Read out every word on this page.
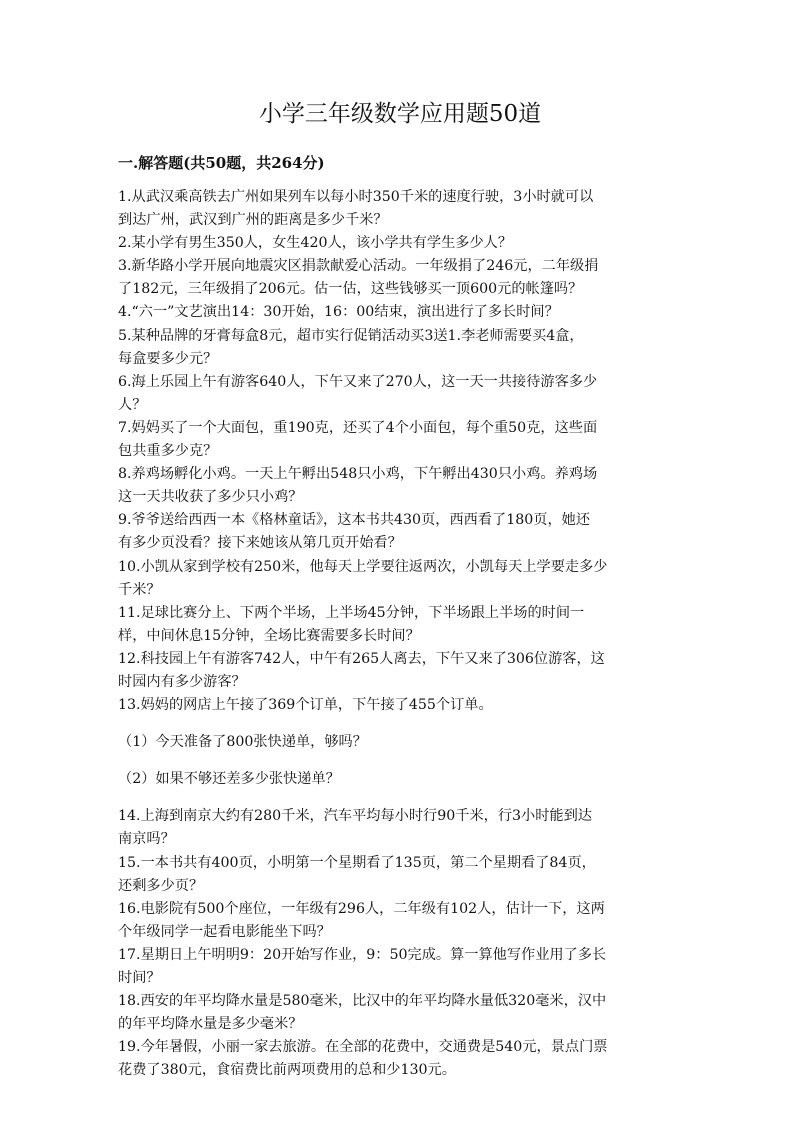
小学三年级数学应用题50道
一.解答题(共50题，共264分)

1.从武汉乘高铁去广州如果列车以每小时350千米的速度行驶，3小时就可以

到达广州，武汉到广州的距离是多少千米？

2.某小学有男生350人，女生420人，该小学共有学生多少人？

3.新华路小学开展向地震灾区捐款献爱心活动。一年级捐了246元，二年级捐

了182元，三年级捐了206元。估一估，这些钱够买一顶600元的帐篷吗？

4.“六一”文艺演出14：30开始，16：00结束，演出进行了多长时间？

5.某种品牌的牙膏每盒8元，超市实行促销活动买3送1.李老师需要买4盒，

每盒要多少元？

6.海上乐园上午有游客640人，下午又来了270人，这一天一共接待游客多少

人？

7.妈妈买了一个大面包，重190克，还买了4个小面包，每个重50克，这些面

包共重多少克？

8.养鸡场孵化小鸡。一天上午孵出548只小鸡，下午孵出430只小鸡。养鸡场

这一天共收获了多少只小鸡？

9.爷爷送给西西一本《格林童话》，这本书共430页，西西看了180页，她还

有多少页没看？接下来她该从第几页开始看？

10.小凯从家到学校有250米，他每天上学要往返两次，小凯每天上学要走多少

千米？

11.足球比赛分上、下两个半场，上半场45分钟，下半场跟上半场的时间一

样，中间休息15分钟，全场比赛需要多长时间？

12.科技园上午有游客742人，中午有265人离去，下午又来了306位游客，这

时园内有多少游客？

13.妈妈的网店上午接了369个订单，下午接了455个订单。

（1）今天准备了800张快递单，够吗？

（2）如果不够还差多少张快递单？

14.上海到南京大约有280千米，汽车平均每小时行90千米，行3小时能到达

南京吗？

15.一本书共有400页，小明第一个星期看了135页，第二个星期看了84页，

还剩多少页？

16.电影院有500个座位，一年级有296人，二年级有102人，估计一下，这两

个年级同学一起看电影能坐下吗？

17.星期日上午明明9：20开始写作业，9：50完成。算一算他写作业用了多长

时间？

18.西安的年平均降水量是580毫米，比汉中的年平均降水量低320毫米，汉中

的年平均降水量是多少毫米？

19.今年暑假，小丽一家去旅游。在全部的花费中，交通费是540元，景点门票

花费了380元，食宿费比前两项费用的总和少130元。
